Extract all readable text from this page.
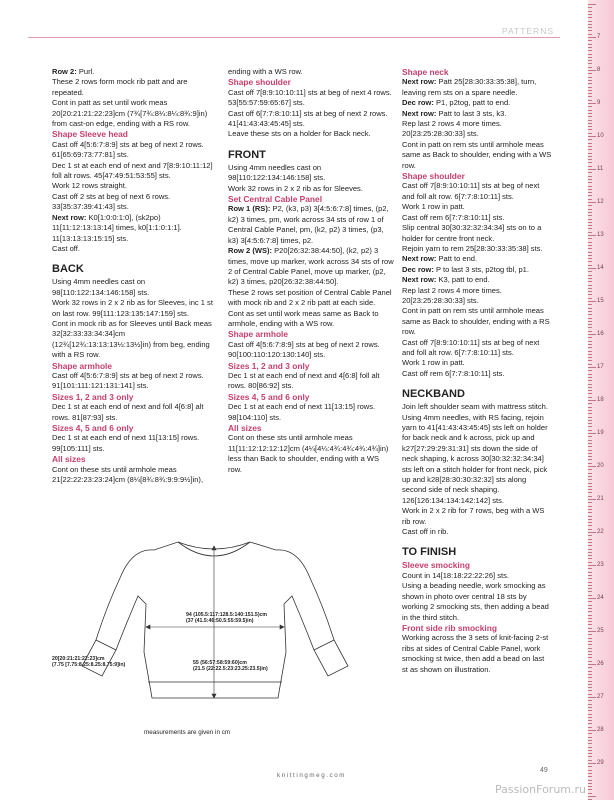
PATTERNS
7
8
9
10
11
12
13
14
15
16
17
18
19
20
21
22
23
24
25
26
27
28
29

Row 2: Purl.

These 2 rows form mock rib patt and are repeated.

Cont in patt as set until work meas 20[20:21:21:22:23]cm (7¾[7¾:8¼:8¼:8¾:9]in) from cast-on edge, ending with a RS row.

Shape Sleeve head

Cast off 4[5:6:7:8:9] sts at beg of next 2 rows. 61[65:69:73:77:81] sts.

Dec 1 st at each end of next and 7[8:9:10:11:12] foll alt rows. 45[47:49:51:53:55] sts.

Work 12 rows straight.

Cast off 2 sts at beg of next 6 rows. 33[35:37:39:41:43] sts.

Next row: K0[1:0:0:1:0], (sk2po) 11[11:12:13:13:14] times, k0[1:1:0:1:1]. 11[13:13:13:15:15] sts.

Cast off.

BACK

Using 4mm needles cast on 98[110:122:134:146:158] sts.

Work 32 rows in 2 x 2 rib as for Sleeves, inc 1 st on last row. 99[111:123:135:147:159] sts.

Cont in mock rib as for Sleeves until Back meas 32[32:33:33:34:34]cm (12¾[12¾:13:13:13½:13½]in) from beg, ending with a RS row.

Shape armhole

Cast off 4[5:6:7:8:9] sts at beg of next 2 rows. 91[101:111:121:131:141] sts.

Sizes 1, 2 and 3 only

Dec 1 st at each end of next and foll 4[6:8] alt rows. 81[87:93] sts.

Sizes 4, 5 and 6 only

Dec 1 st at each end of next 11[13:15] rows. 99[105:111] sts.

All sizes

Cont on these sts until armhole meas 21[22:22:23:23:24]cm (8¼[8¾:8¾:9:9:9½]in),

ending with a WS row.

Shape shoulder

Cast off 7[8:9:10:10:11] sts at beg of next 4 rows. 53[55:57:59:65:67] sts.

Cast off 6[7:7:8:10:11] sts at beg of next 2 rows. 41[41:43:43:45:45] sts.

Leave these sts on a holder for Back neck.

FRONT

Using 4mm needles cast on 98[110:122:134:146:158] sts.

Work 32 rows in 2 x 2 rib as for Sleeves.

Set Central Cable Panel

Row 1 (RS): P2, (k3, p3) 3[4:5:6:7:8] times, (p2, k2) 3 times, pm, work across 34 sts of row 1 of Central Cable Panel, pm, (k2, p2) 3 times, (p3, k3) 3[4:5:6:7:8] times, p2.

Row 2 (WS): P20[26:32:38:44:50], (k2, p2) 3 times, move up marker, work across 34 sts of row 2 of Central Cable Panel, move up marker, (p2, k2) 3 times, p20[26:32:38:44:50].

These 2 rows set position of Central Cable Panel with mock rib and 2 x 2 rib patt at each side.

Cont as set until work meas same as Back to armhole, ending with a WS row.

Shape armhole

Cast off 4[5:6:7:8:9] sts at beg of next 2 rows. 90[100:110:120:130:140] sts.

Sizes 1, 2 and 3 only

Dec 1 st at each end of next and 4[6:8] foll alt rows. 80[86:92] sts.

Sizes 4, 5 and 6 only

Dec 1 st at each end of next 11[13:15] rows. 98[104:110] sts.

All sizes

Cont on these sts until armhole meas 11[11:12:12:12:12]cm (4¼[4¼:4¾:4¾:4¾:4¾]in) less than Back to shoulder, ending with a WS row.

Shape neck

Next row: Patt 25[28:30:33:35:38], turn, leaving rem sts on a spare needle.

Dec row: P1, p2tog, patt to end.

Next row: Patt to last 3 sts, k3.

Rep last 2 rows 4 more times. 20[23:25:28:30:33] sts.

Cont in patt on rem sts until armhole meas same as Back to shoulder, ending with a WS row.

Shape shoulder

Cast off 7[8:9:10:10:11] sts at beg of next and foll alt row. 6[7:7:8:10:11] sts.

Work 1 row in patt.

Cast off rem 6[7:7:8:10:11] sts.

Slip central 30[30:32:32:34:34] sts on to a holder for centre front neck.

Rejoin yarn to rem 25[28:30:33:35:38] sts.

Next row: Patt to end.

Dec row: P to last 3 sts, p2tog tbl, p1.

Next row: K3, patt to end.

Rep last 2 rows 4 more times. 20[23:25:28:30:33] sts.

Cont in patt on rem sts until armhole meas same as Back to shoulder, ending with a RS row.

Cast off 7[8:9:10:10:11] sts at beg of next and foll alt row. 6[7:7:8:10:11] sts.

Work 1 row in patt.

Cast off rem 6[7:7:8:10:11] sts.

NECKBAND

Join left shoulder seam with mattress stitch.

Using 4mm needles, with RS facing, rejoin yarn to 41[41:43:43:45:45] sts left on holder for back neck and k across, pick up and k27[27:29:29:31:31] sts down the side of neck shaping, k across 30[30:32:32:34:34] sts left on a stitch holder for front neck, pick up and k28[28:30:30:32:32] sts along second side of neck shaping. 126[126:134:134:142:142] sts.

Work in 2 x 2 rib for 7 rows, beg with a WS rib row.

Cast off in rib.

TO FINISH

Sleeve smocking

Count in 14[18:18:22:22:26] sts.

Using a beading needle, work smocking as shown in photo over central 18 sts by working 2 smocking sts, then adding a bead in the third stitch.

Front side rib smocking

Working across the 3 sets of knit-facing 2-st ribs at sides of Central Cable Panel, work smocking st twice, then add a bead on last st as shown on illustration.

94 (105.5:117:128.5:140:151.5)cm
(37 (41.5:46:50.5:55:59.5)in)
55 (56:57:58:59:60)cm
(21.5 (22:22.5:23:23.25:23.5)in)
20[20:21:21:22:23]cm
(7.75 [7.75:8.25:8.25:8.75:9]in)
measurements are given in cm
knittingmeg.com
49
PassionForum.ru
